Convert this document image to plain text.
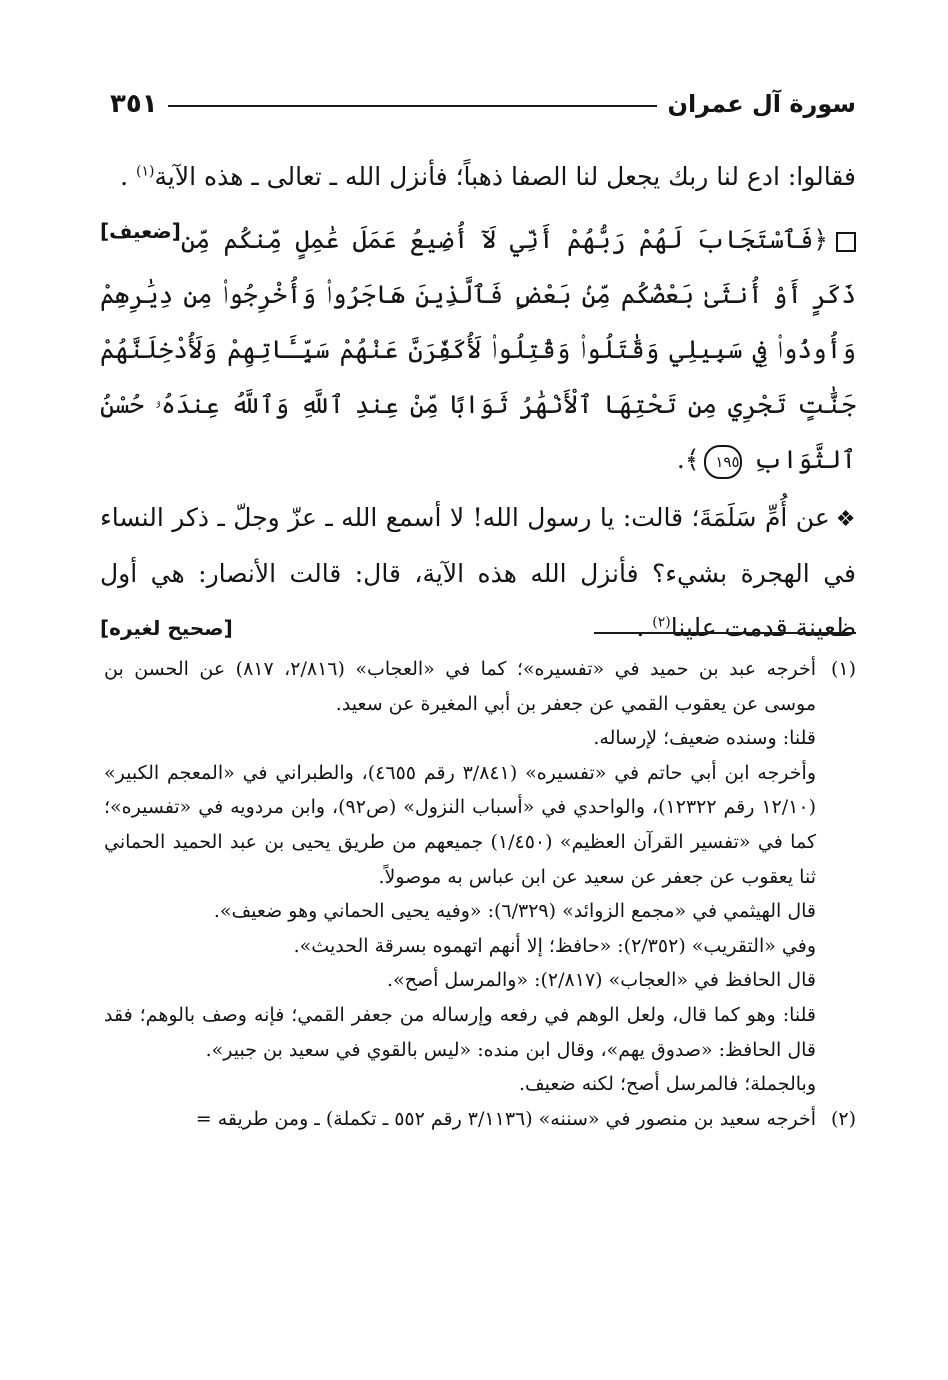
سورة آل عمران
٣٥١

فقالوا: ادع لنا ربك يجعل لنا الصفا ذهباً؛ فأنزل الله ـ تعالى ـ هذه الآية$^{(١)}$ .
[ضعيف]	﴿فَٱسْتَجَابَ لَهُمْ رَبُّهُمْ أَنِّي لَآ أُضِيعُ عَمَلَ عَٰمِلٍ مِّنكُم مِّن ذَكَرٍ أَوْ أُنثَىٰ بَعْضُكُم مِّنۢ بَعْضٍ فَٱلَّذِينَ هَاجَرُوا۟ وَأُخْرِجُوا۟ مِن دِيَٰرِهِمْ وَأُوذُوا۟ فِي سَبِيلِي وَقَٰتَلُوا۟ وَقُتِلُوا۟ لَأُكَفِّرَنَّ عَنْهُمْ سَيِّـَٔاتِهِمْ وَلَأُدْخِلَنَّهُمْ جَنَّٰتٍ تَجْرِي مِن تَحْتِهَا ٱلْأَنْهَٰرُ ثَوَابًا مِّنْ عِندِ ٱللَّهِ وَٱللَّهُ عِندَهُۥ حُسْنُ ٱلثَّوَابِ ١٩٥﴾.

❖عن أُمِّ سَلَمَةَ؛ قالت: يا رسول الله! لا أسمع الله ـ عزّ وجلّ ـ ذكر النساء في الهجرة بشيء؟ فأنزل الله هذه الآية، قال: قالت الأنصار: هي أول ظعينة قدمت علينا$^{(٢)}$ .
[صحيح لغيره]

(١)
أخرجه عبد بن حميد في «تفسيره»؛ كما في «العجاب» (٢/٨١٦، ٨١٧) عن الحسن بن موسى عن يعقوب القمي عن جعفر بن أبي المغيرة عن سعيد.
قلنا: وسنده ضعيف؛ لإرساله.
وأخرجه ابن أبي حاتم في «تفسيره» (٣/٨٤١ رقم ٤٦٥٥)، والطبراني في «المعجم الكبير» (١٢/١٠ رقم ١٢٣٢٢)، والواحدي في «أسباب النزول» (ص٩٢)، وابن مردويه في «تفسيره»؛ كما في «تفسير القرآن العظيم» (١/٤٥٠) جميعهم من طريق يحيى بن عبد الحميد الحماني ثنا يعقوب عن جعفر عن سعيد عن ابن عباس به موصولاً.
قال الهيثمي في «مجمع الزوائد» (٦/٣٢٩): «وفيه يحيى الحماني وهو ضعيف».
وفي «التقريب» (٢/٣٥٢): «حافظ؛ إلا أنهم اتهموه بسرقة الحديث».
قال الحافظ في «العجاب» (٢/٨١٧): «والمرسل أصح».
قلنا: وهو كما قال، ولعل الوهم في رفعه وإرساله من جعفر القمي؛ فإنه وصف بالوهم؛ فقد قال الحافظ: «صدوق يهم»، وقال ابن منده: «ليس بالقوي في سعيد بن جبير».
وبالجملة؛ فالمرسل أصح؛ لكنه ضعيف.
(٢)
أخرجه سعيد بن منصور في «سننه» (٣/١١٣٦ رقم ٥٥٢ ـ تكملة) ـ ومن طريقه =
